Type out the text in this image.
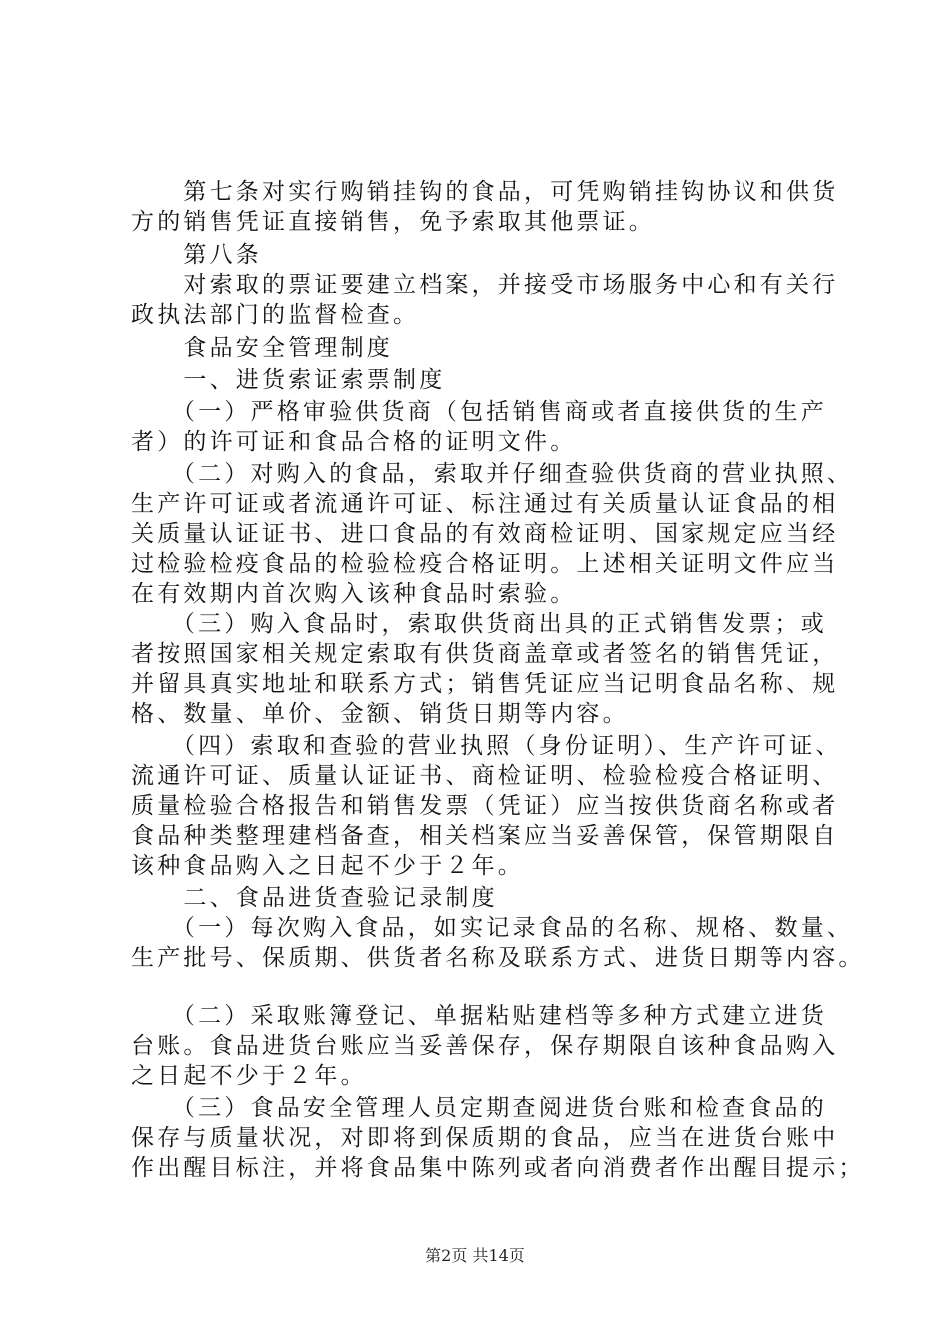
　　第七条对实行购销挂钩的食品，可凭购销挂钩协议和供货
方的销售凭证直接销售，免予索取其他票证。
　　第八条
　　对索取的票证要建立档案，并接受市场服务中心和有关行
政执法部门的监督检查。
　　食品安全管理制度
　　一、进货索证索票制度
　　（一）严格审验供货商（包括销售商或者直接供货的生产
者）的许可证和食品合格的证明文件。
　　（二）对购入的食品，索取并仔细查验供货商的营业执照、
生产许可证或者流通许可证、标注通过有关质量认证食品的相
关质量认证证书、进口食品的有效商检证明、国家规定应当经
过检验检疫食品的检验检疫合格证明。上述相关证明文件应当
在有效期内首次购入该种食品时索验。
　　（三）购入食品时，索取供货商出具的正式销售发票；或
者按照国家相关规定索取有供货商盖章或者签名的销售凭证，
并留具真实地址和联系方式；销售凭证应当记明食品名称、规
格、数量、单价、金额、销货日期等内容。
　　（四）索取和查验的营业执照（身份证明）、生产许可证、
流通许可证、质量认证证书、商检证明、检验检疫合格证明、
质量检验合格报告和销售发票（凭证）应当按供货商名称或者
食品种类整理建档备查，相关档案应当妥善保管，保管期限自
该种食品购入之日起不少于２年。
　　二、食品进货查验记录制度
　　（一）每次购入食品，如实记录食品的名称、规格、数量、
生产批号、保质期、供货者名称及联系方式、进货日期等内容。
　　（二）采取账簿登记、单据粘贴建档等多种方式建立进货
台账。食品进货台账应当妥善保存，保存期限自该种食品购入
之日起不少于２年。
　　（三）食品安全管理人员定期查阅进货台账和检查食品的
保存与质量状况，对即将到保质期的食品，应当在进货台账中
作出醒目标注，并将食品集中陈列或者向消费者作出醒目提示；
第2页 共14页
